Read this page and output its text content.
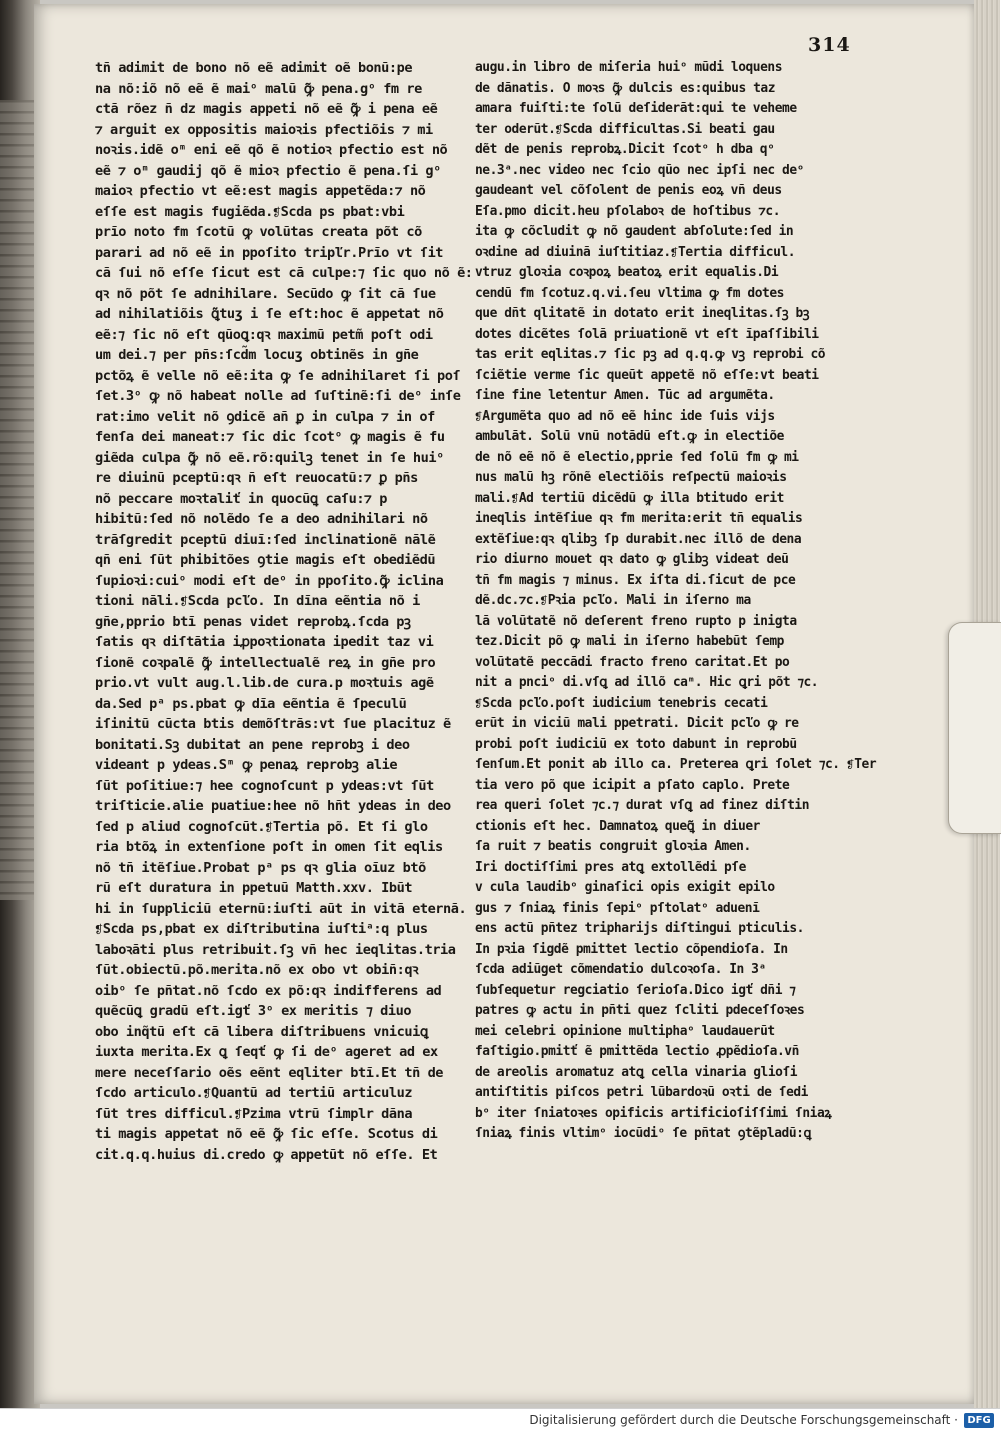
314
tñ adimit de bono nõ eẽ adimit oẽ bonũ:pe
na nõ:iõ nõ eẽ ẽ maiᵒ malũ ꝙ̃ pena.gᵒ fm re
ctã rõez ñ dz magis appeti nõ eẽ ꝙ̃ i pena eẽ
⁊ arguit ex oppositis maioꝛis pfectiõis ⁊ mi
noꝛis.idẽ oᵐ eni eẽ qõ ẽ notioꝛ pfectio est nõ
eẽ ⁊ oᵐ gaudij qõ ẽ mioꝛ pfectio ẽ pena.ſi gᵒ
maioꝛ pfectio vt eẽ:est magis appetẽda:⁊ nõ
eſſe est magis fugiẽda.❡Scda ps pbat:vbi
prĩo noto fm ſcotũ ꝙ volũtas creata põt cõ
parari ad nõ eẽ in ppoſito tripľr.Prĩo vt ſit
cã ſui nõ eſſe ſicut est cã culpe:⁊ ſic quo nõ ẽ:
qꝛ nõ põt ſe adnihilare. Secũdo ꝙ ſit cã ſue
ad nihilatiõis ꝗ̃tuʒ i ſe eſt:hoc ẽ appetat nõ
eẽ:⁊ ſic nõ eſt qũoꝗ:qꝛ maximũ petm̃ poſt odi
um dei.⁊ per pñs:ſcd̃m locuʒ obtinẽs in gñe
pctõꝝ ẽ velle nõ eẽ:ita ꝙ ſe adnihilaret ſi poſ
ſet.3ᵒ ꝙ nõ habeat nolle ad ſuſtinẽ:ſi deᵒ inſe
rat:imo velit nõ ꝯdicẽ añ ꝑ in culpa ⁊ in of
fenſa dei maneat:⁊ ſic dic ſcotᵒ ꝙ magis ẽ fu
giẽda culpa ꝙ̃ nõ eẽ.rõ:quilꝫ tenet in ſe huiᵒ
re diuinũ pceptũ:qꝛ ñ eſt reuocatũ:⁊ ꝑ pñs
nõ peccare moꝛtaliť in quocũꝗ caſu:⁊ p
hibitũ:ſed nõ nolẽdo ſe a deo adnihilari nõ
trãſgredit pceptũ diuĩ:ſed inclinationẽ nãlẽ
qñ eni ſũt phibitões ꝯtie magis eſt obediẽdũ
ſupioꝛi:cuiᵒ modi eſt deᵒ in ppoſito.ꝙ̃ iclina
tioni nãli.❡Scda pcľo. In dĩna eẽntia nõ i
gñe,pprio btĩ penas videt reprobꝝ.ſcda pꝫ
ſatis qꝛ diſtãtia iꝓpoꝛtionata ipedit taz vi
ſionẽ coꝛpalẽ ꝙ̃ intellectualẽ reꝝ in gñe pro
prio.vt vult aug.l.lib.de cura.p moꝛtuis agẽ
da.Sed pᵃ ps.pbat ꝙ dĩa eẽntia ẽ ſpeculũ
iſinitũ cũcta btis demõſtrãs:vt ſue placituz ẽ
bonitati.Sꝫ dubitat an pene reprobꝫ i deo
videant p ydeas.Sᵐ ꝙ penaꝝ reprobꝫ alie
ſũt poſitiue:⁊ hee cognoſcunt p ydeas:vt ſũt
triſticie.alie puatiue:hee nõ hñt ydeas in deo
ſed p aliud cognoſcũt.❡Tertia põ. Et ſi glo
ria btõꝝ in extenſione poſt in omen ſit eqlis
nõ tñ itẽſiue.Probat pᵃ ps qꝛ glia oĩuz btõ
rũ eſt duratura in ppetuũ Matth.xxv. Ibũt
hi in ſuppliciũ eternũ:iuſti aũt in vitã eternã.
❡Scda ps,pbat ex diſtributina iuſtiᵃ:q plus
laboꝛãti plus retribuit.ſꝫ vñ hec ieqlitas.tria
ſũt.obiectũ.põ.merita.nõ ex obo vt obiñ:qꝛ
oibᵒ ſe pñtat.nõ ſcdo ex põ:qꝛ indifferens ad
quẽcũꝗ gradũ eſt.igť 3ᵒ ex meritis ⁊ diuo
obo inq̃tũ eſt cã libera diſtribuens vnicuiꝗ
iuxta merita.Ex ꝗ ſeqť ꝙ ſi deᵒ ageret ad ex
mere neceſſario oẽs eẽnt eqliter btĩ.Et tñ de
ſcdo articulo.❡Quantũ ad tertiũ articuluz
ſũt tres difficul.❡Pzima vtrũ ſimplr dãna
ti magis appetat nõ eẽ ꝙ̃ ſic eſſe. Scotus di
cit.q.q.huius di.credo ꝙ appetũt nõ eſſe. Et
augu.in libro de miſeria huiᵒ mũdi loquens
de dãnatis. O moꝛs ꝙ̃ dulcis es:quibus taz
amara fuiſti:te ſolũ deſiderãt:qui te veheme
ter oderũt.❡Scda difficultas.Si beati gau
dẽt de penis reprobꝝ.Dicit ſcotᵒ h dba qᵒ
ne.3ᵃ.nec video nec ſcio qũo nec ipſi nec deᵒ
gaudeant vel cõſolent de penis eoꝝ vñ deus
Eſa.pmo dicit.heu pſolaboꝛ de hoſtibus ⁊c.
ita ꝙ cõcludit ꝙ nõ gaudent abſolute:ſed in
oꝛdine ad diuinã iuſtitiaz.❡Tertia difficul.
vtruz gloꝛia coꝛpoꝝ beatoꝝ erit equalis.Di
cendũ fm ſcotuz.q.vi.ſeu vltima ꝙ fm dotes
que dñt qlitatẽ in dotato erit ineqlitas.ſꝫ bꝫ
dotes dicẽtes ſolã priuationẽ vt eſt ĩpaſſibili
tas erit eqlitas.⁊ ſic pꝫ ad q.q.ꝙ vꝫ reprobi cõ
ſciẽtie verme ſic queũt appetẽ nõ eſſe:vt beati
ſine fine letentur Amen. Tũc ad argumẽta.
❡Argumẽta quo ad nõ eẽ hinc ide ſuis vijs
ambulãt. Solũ vnũ notãdũ eſt.ꝙ in electiõe
de nõ eẽ nõ ẽ electio,pprie ſed ſolũ fm ꝙ mi
nus malũ hꝫ rõnẽ electiõis reſpectũ maioꝛis
mali.❡Ad tertiũ dicẽdũ ꝙ illa btitudo erit
ineqlis intẽſiue qꝛ fm merita:erit tñ equalis
extẽſiue:qꝛ qlibꝫ ſp durabit.nec illõ de dena
rio diurno mouet qꝛ dato ꝙ glibꝫ videat deũ
tñ fm magis ⁊ minus. Ex iſta di.ſicut de pce
dẽ.dc.⁊c.❡Pꝛia pcľo. Mali in iſerno ma
lã volũtatẽ nõ deſerent freno rupto p inigta
tez.Dicit põ ꝙ mali in iſerno habebũt ſemp
volũtatẽ peccãdi fracto freno caritat.Et po
nit a pnciᵒ di.vſꝗ ad illõ caᵐ. Hic ꝗri põt ⁊c.
❡Scda pcľo.poſt iudicium tenebris cecati
erũt in viciũ mali ppetrati. Dicit pcľo ꝙ re
probi poſt iudiciũ ex toto dabunt in reprobũ
ſenſum.Et ponit ab illo ca. Preterea ꝗri ſolet ⁊c. ❡Ter
tia vero põ que icipit a pſato caplo. Prete
rea queri ſolet ⁊c.⁊ durat vſꝗ ad finez diſtin
ctionis eſt hec. Damnatoꝝ queꝗ̃ in diuer
ſa ruit ⁊ beatis congruit gloꝛia Amen.
Iri doctiſſimi pres atꝗ extollẽdi pſe
v cula laudibᵒ ginaſici opis exigit epilo
gus ⁊ ſniaꝝ finis ſepiᵒ pſtolatᵒ aduenĩ
ens actũ pñtez tripharijs diſtingui pticulis.
In pꝛia ſigdẽ pmittet lectio cõpendioſa. In
ſcda adiũget cõmendatio dulcoꝛoſa. In 3ᵃ
ſubſequetur regciatio ſerioſa.Dico igť dñi ⁊
patres ꝙ actu in pñti quez ſcliti pdeceſſoꝛes
mei celebri opinione multiphaᵒ laudauerũt
faſtigio.pmitť ẽ pmittẽda lectio ꝓpẽdioſa.vñ
de areolis aromatuz atꝗ cella vinaria glioſi
antiſtitis piſcos petri lũbardoꝛũ oꝛti de ſedi
bᵒ iter ſniatoꝛes opificis artificioſiſſimi ſniaꝝ
ſniaꝝ finis vltimᵒ iocũdiᵒ ſe pñtat ꝯtẽpladũ:ꝗ
Digitalisierung gefördert durch die Deutsche Forschungsgemeinschaft · DFG
